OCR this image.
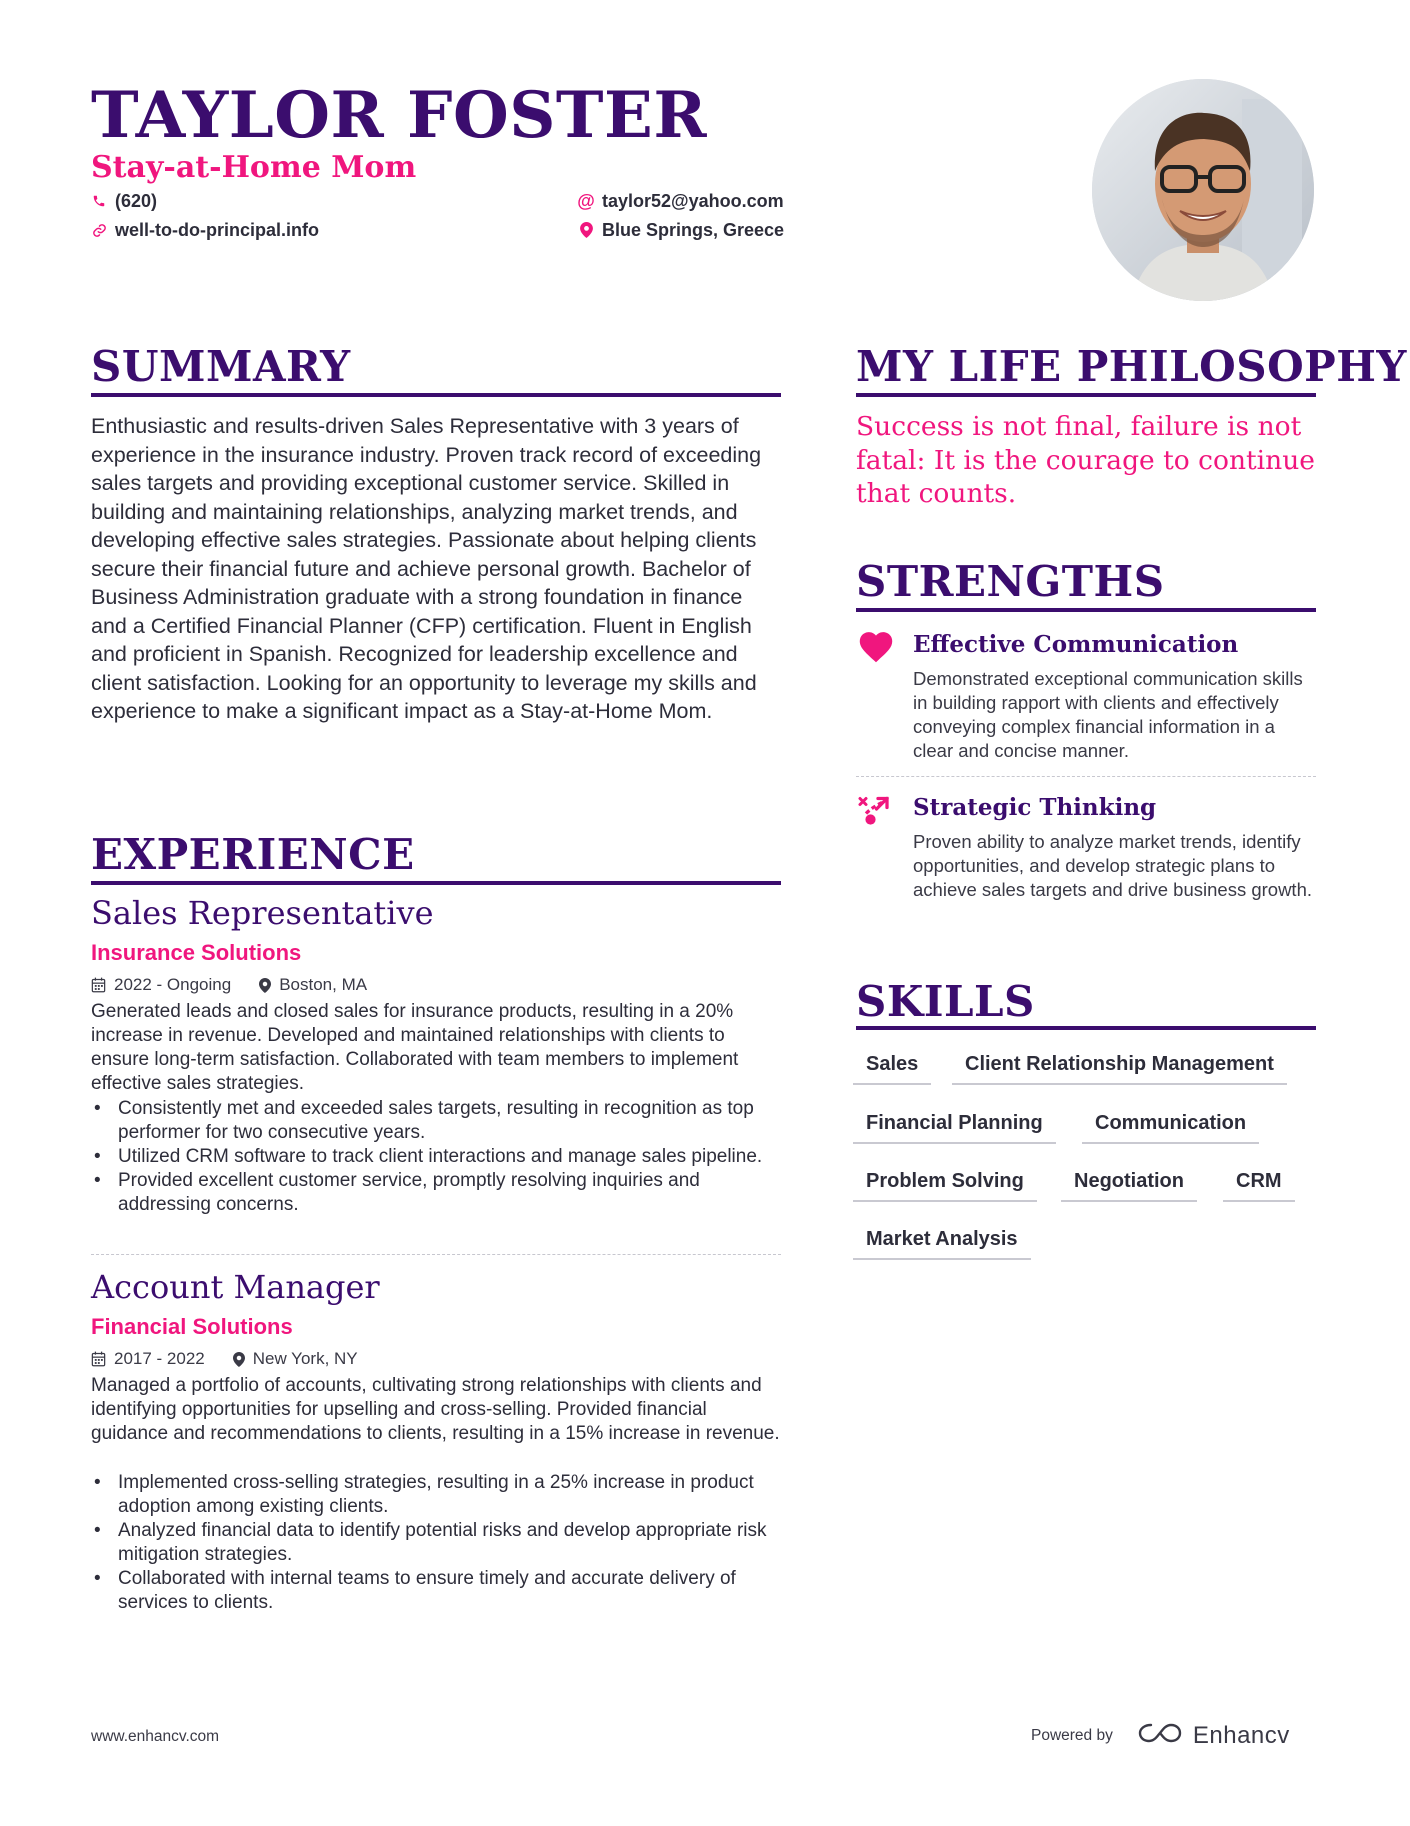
TAYLOR FOSTER
Stay-at-Home Mom
(620)
well-to-do-principal.info
@ taylor52@yahoo.com
Blue Springs, Greece
SUMMARY

Enthusiastic and results-driven Sales Representative with 3 years of experience in the insurance industry. Proven track record of exceeding sales targets and providing exceptional customer service. Skilled in building and maintaining relationships, analyzing market trends, and developing effective sales strategies. Passionate about helping clients secure their financial future and achieve personal growth. Bachelor of Business Administration graduate with a strong foundation in finance and a Certified Financial Planner (CFP) certification. Fluent in English and proficient in Spanish. Recognized for leadership excellence and client satisfaction. Looking for an opportunity to leverage my skills and experience to make a significant impact as a Stay-at-Home Mom.

EXPERIENCE
Sales Representative
Insurance Solutions
2022 - Ongoing	Boston, MA

Generated leads and closed sales for insurance products, resulting in a 20% increase in revenue. Developed and maintained relationships with clients to ensure long-term satisfaction. Collaborated with team members to implement effective sales strategies.

• Consistently met and exceeded sales targets, resulting in recognition as top performer for two consecutive years.
• Utilized CRM software to track client interactions and manage sales pipeline.
• Provided excellent customer service, promptly resolving inquiries and addressing concerns.
Account Manager
Financial Solutions
2017 - 2022	New York, NY

Managed a portfolio of accounts, cultivating strong relationships with clients and identifying opportunities for upselling and cross-selling. Provided financial guidance and recommendations to clients, resulting in a 15% increase in revenue.

• Implemented cross-selling strategies, resulting in a 25% increase in product adoption among existing clients.
• Analyzed financial data to identify potential risks and develop appropriate risk mitigation strategies.
• Collaborated with internal teams to ensure timely and accurate delivery of services to clients.
MY LIFE PHILOSOPHY

Success is not final, failure is not fatal: It is the courage to continue that counts.

STRENGTHS
Effective Communication

Demonstrated exceptional communication skills in building rapport with clients and effectively conveying complex financial information in a clear and concise manner.

Strategic Thinking

Proven ability to analyze market trends, identify opportunities, and develop strategic plans to achieve sales targets and drive business growth.

SKILLS
Sales	Client Relationship Management
Financial Planning	Communication
Problem Solving	Negotiation	CRM
Market Analysis
www.enhancv.com	Powered by	Enhancv
